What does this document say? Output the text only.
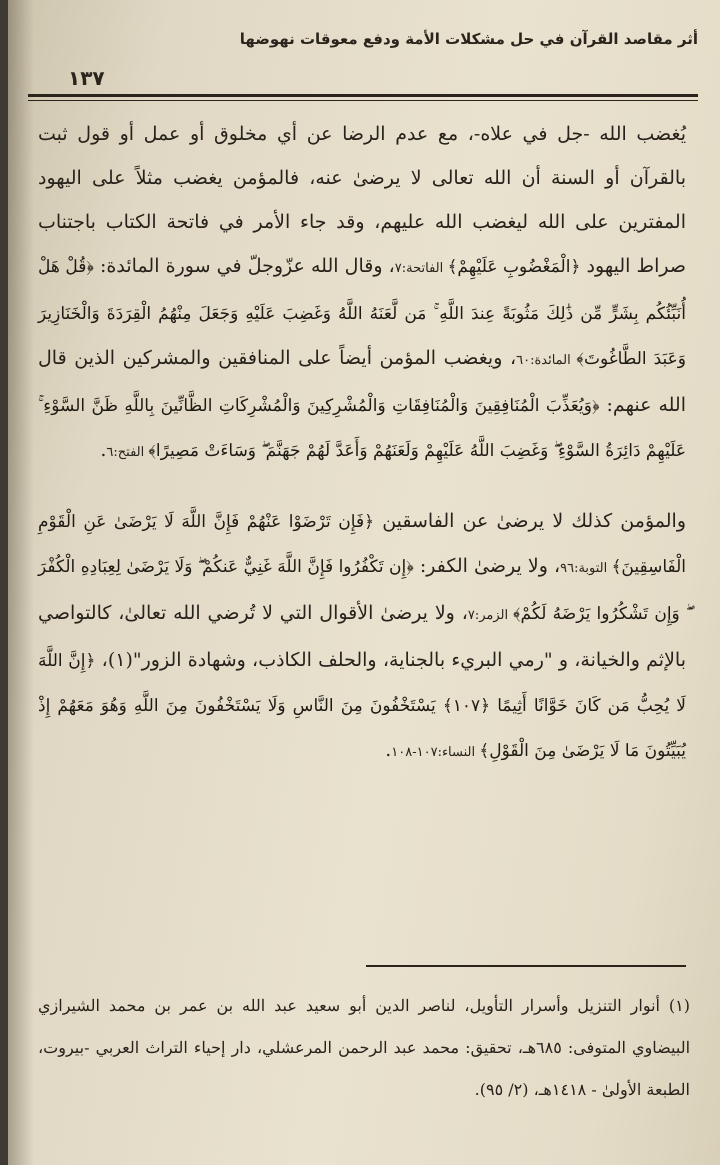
أثر مقاصد القرآن في حل مشكلات الأمة ودفع معوقات نهوضها
١٣٧

يُغضب الله -جل في علاه-، مع عدم الرضا عن أي مخلوق أو عمل أو قول ثبت بالقرآن أو السنة أن الله تعالى لا يرضىٰ عنه، فالمؤمن يغضب مثلاً على اليهود المفترين على الله ليغضب الله عليهم، وقد جاء الأمر في فاتحة الكتاب باجتناب صراط اليهود ﴿الْمَغْضُوبِ عَلَيْهِمْ﴾ الفاتحة:٧، وقال الله عزّوجلّ في سورة المائدة: ﴿قُلْ هَلْ أُنَبِّئُكُم بِشَرٍّ مِّن ذَٰلِكَ مَثُوبَةً عِندَ اللَّهِ ۚ مَن لَّعَنَهُ اللَّهُ وَغَضِبَ عَلَيْهِ وَجَعَلَ مِنْهُمُ الْقِرَدَةَ وَالْخَنَازِيرَ وَعَبَدَ الطَّاغُوتَ﴾ المائدة:٦٠، ويغضب المؤمن أيضاً على المنافقين والمشركين الذين قال الله عنهم: ﴿وَيُعَذِّبَ الْمُنَافِقِينَ وَالْمُنَافِقَاتِ وَالْمُشْرِكِينَ وَالْمُشْرِكَاتِ الظَّانِّينَ بِاللَّهِ ظَنَّ السَّوْءِ ۚ عَلَيْهِمْ دَائِرَةُ السَّوْءِ ۖ وَغَضِبَ اللَّهُ عَلَيْهِمْ وَلَعَنَهُمْ وَأَعَدَّ لَهُمْ جَهَنَّمَ ۖ وَسَاءَتْ مَصِيرًا﴾ الفتح:٦.

والمؤمن كذلك لا يرضىٰ عن الفاسقين ﴿فَإِن تَرْضَوْا عَنْهُمْ فَإِنَّ اللَّهَ لَا يَرْضَىٰ عَنِ الْقَوْمِ الْفَاسِقِينَ﴾ التوبة:٩٦، ولا يرضىٰ الكفر: ﴿إِن تَكْفُرُوا فَإِنَّ اللَّهَ غَنِيٌّ عَنكُمْ ۖ وَلَا يَرْضَىٰ لِعِبَادِهِ الْكُفْرَ ۖ وَإِن تَشْكُرُوا يَرْضَهُ لَكُمْ﴾ الزمر:٧، ولا يرضىٰ الأقوال التي لا تُرضي الله تعالىٰ، كالتواصي بالإثم والخيانة، و "رمي البريء بالجناية، والحلف الكاذب، وشهادة الزور"(١)، ﴿إِنَّ اللَّهَ لَا يُحِبُّ مَن كَانَ خَوَّانًا أَثِيمًا ﴿١٠٧﴾ يَسْتَخْفُونَ مِنَ النَّاسِ وَلَا يَسْتَخْفُونَ مِنَ اللَّهِ وَهُوَ مَعَهُمْ إِذْ يُبَيِّتُونَ مَا لَا يَرْضَىٰ مِنَ الْقَوْلِ﴾ النساء:١٠٧-١٠٨.

(١) أنوار التنزيل وأسرار التأويل، لناصر الدين أبو سعيد عبد الله بن عمر بن محمد الشيرازي البيضاوي المتوفى: ٦٨٥هـ، تحقيق: محمد عبد الرحمن المرعشلي، دار إحياء التراث العربي -بيروت، الطبعة الأولىٰ - ١٤١٨هـ، (٢/ ٩٥).
